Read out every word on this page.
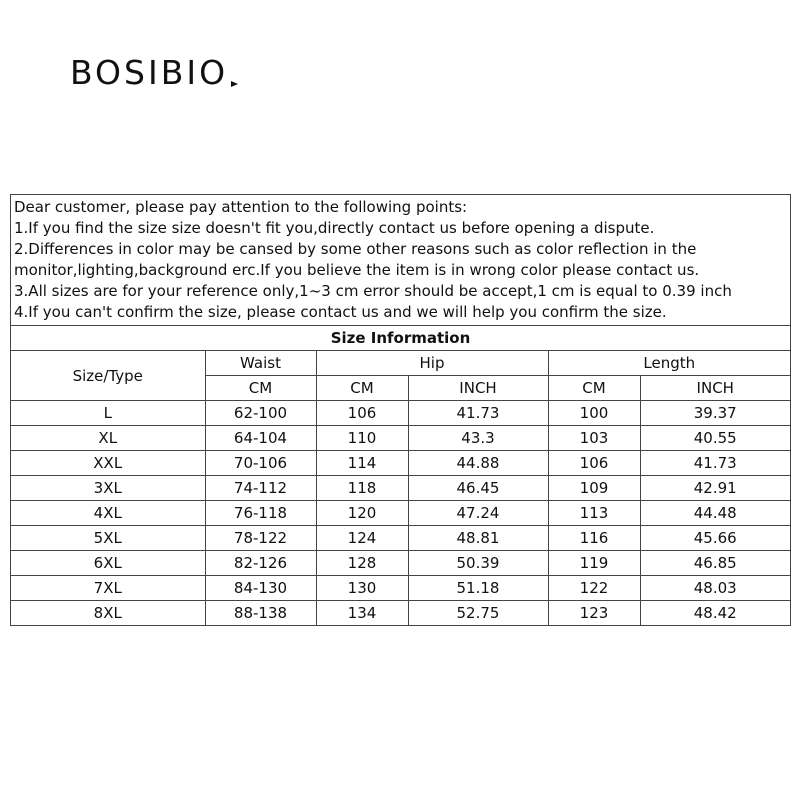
BOSIBIO
Dear customer, please pay attention to the following points:
1.If you find the size size doesn't fit you,directly contact us before opening a dispute.
2.Differences in color may be cansed by some other reasons such as color reflection in the
monitor,lighting,background erc.If you believe the item is in wrong color please contact us.
3.All sizes are for your reference only,1~3 cm error should be accept,1 cm is equal to 0.39 inch
4.If you can't confirm the size, please contact us and we will help you confirm the size.
Size Information
Size/Type	Waist	Hip		Length	
	CM	CM	INCH	CM	INCH
L	62-100	106	41.73	100	39.37
XL	64-104	110	43.3	103	40.55
XXL	70-106	114	44.88	106	41.73
3XL	74-112	118	46.45	109	42.91
4XL	76-118	120	47.24	113	44.48
5XL	78-122	124	48.81	116	45.66
6XL	82-126	128	50.39	119	46.85
7XL	84-130	130	51.18	122	48.03
8XL	88-138	134	52.75	123	48.42
